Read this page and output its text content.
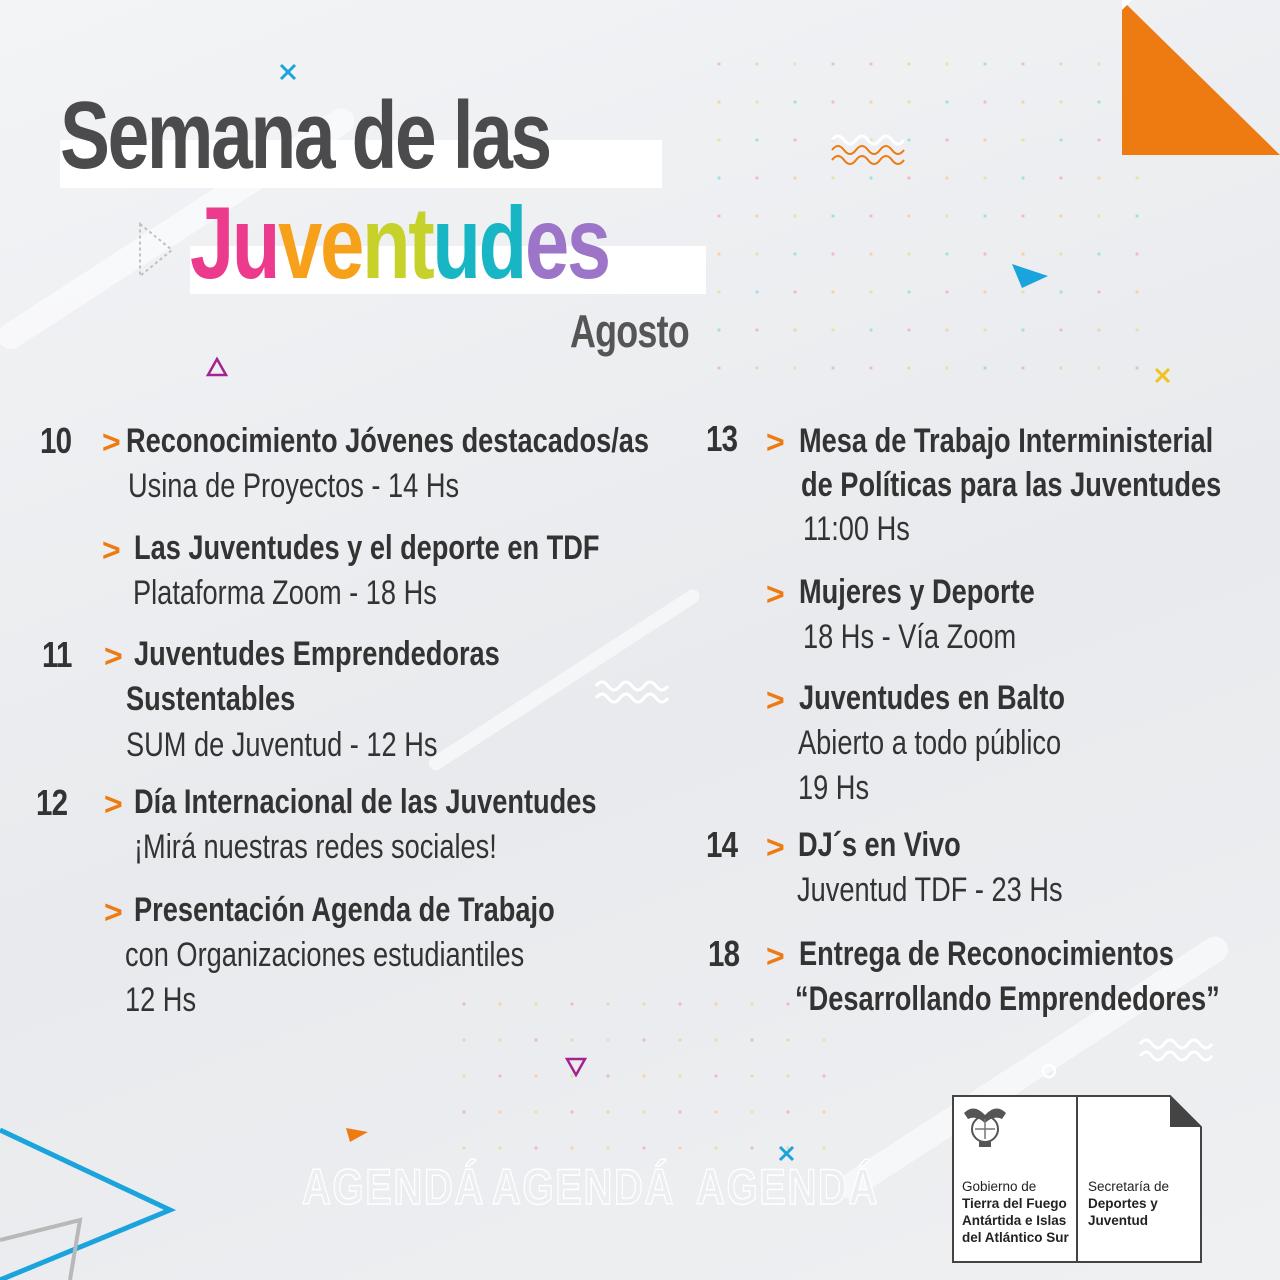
Semana de las
Juventudes
Agosto
10 > Reconocimiento Jóvenes destacados/as
Usina de Proyectos - 14 Hs
> Las Juventudes y el deporte en TDF
Plataforma Zoom - 18 Hs
11 > Juventudes Emprendedoras
Sustentables
SUM de Juventud - 12 Hs
12 > Día Internacional de las Juventudes
¡Mirá nuestras redes sociales!
> Presentación Agenda de Trabajo
con Organizaciones estudiantiles
12 Hs
13 > Mesa de Trabajo Interministerial
de Políticas para las Juventudes
11:00 Hs
> Mujeres y Deporte
18 Hs - Vía Zoom
> Juventudes en Balto
Abierto a todo público
19 Hs
14 > DJ´s en Vivo
Juventud TDF - 23 Hs
18 > Entrega de Reconocimientos
“Desarrollando Emprendedores”
AGENDÁ AGENDÁ AGENDÁ	Gobierno de
Tierra del Fuego
Antártida e Islas
del Atlántico Sur
Secretaría de
Deportes y
Juventud
